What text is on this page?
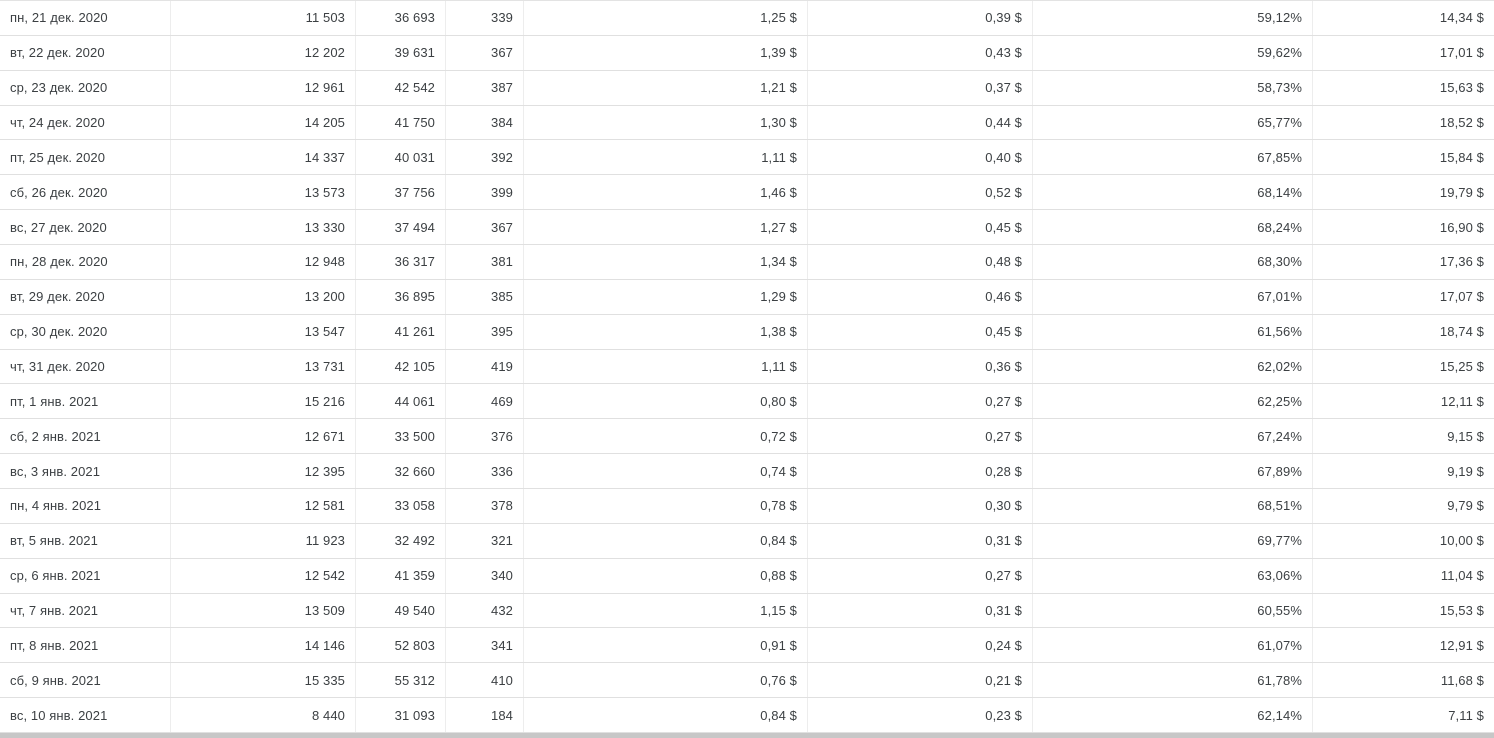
пн, 21 дек. 2020	11 503	36 693	339	1,25 $	0,39 $	59,12%	14,34 $
вт, 22 дек. 2020	12 202	39 631	367	1,39 $	0,43 $	59,62%	17,01 $
ср, 23 дек. 2020	12 961	42 542	387	1,21 $	0,37 $	58,73%	15,63 $
чт, 24 дек. 2020	14 205	41 750	384	1,30 $	0,44 $	65,77%	18,52 $
пт, 25 дек. 2020	14 337	40 031	392	1,11 $	0,40 $	67,85%	15,84 $
сб, 26 дек. 2020	13 573	37 756	399	1,46 $	0,52 $	68,14%	19,79 $
вс, 27 дек. 2020	13 330	37 494	367	1,27 $	0,45 $	68,24%	16,90 $
пн, 28 дек. 2020	12 948	36 317	381	1,34 $	0,48 $	68,30%	17,36 $
вт, 29 дек. 2020	13 200	36 895	385	1,29 $	0,46 $	67,01%	17,07 $
ср, 30 дек. 2020	13 547	41 261	395	1,38 $	0,45 $	61,56%	18,74 $
чт, 31 дек. 2020	13 731	42 105	419	1,11 $	0,36 $	62,02%	15,25 $
пт, 1 янв. 2021	15 216	44 061	469	0,80 $	0,27 $	62,25%	12,11 $
сб, 2 янв. 2021	12 671	33 500	376	0,72 $	0,27 $	67,24%	9,15 $
вс, 3 янв. 2021	12 395	32 660	336	0,74 $	0,28 $	67,89%	9,19 $
пн, 4 янв. 2021	12 581	33 058	378	0,78 $	0,30 $	68,51%	9,79 $
вт, 5 янв. 2021	11 923	32 492	321	0,84 $	0,31 $	69,77%	10,00 $
ср, 6 янв. 2021	12 542	41 359	340	0,88 $	0,27 $	63,06%	11,04 $
чт, 7 янв. 2021	13 509	49 540	432	1,15 $	0,31 $	60,55%	15,53 $
пт, 8 янв. 2021	14 146	52 803	341	0,91 $	0,24 $	61,07%	12,91 $
сб, 9 янв. 2021	15 335	55 312	410	0,76 $	0,21 $	61,78%	11,68 $
вс, 10 янв. 2021	8 440	31 093	184	0,84 $	0,23 $	62,14%	7,11 $
